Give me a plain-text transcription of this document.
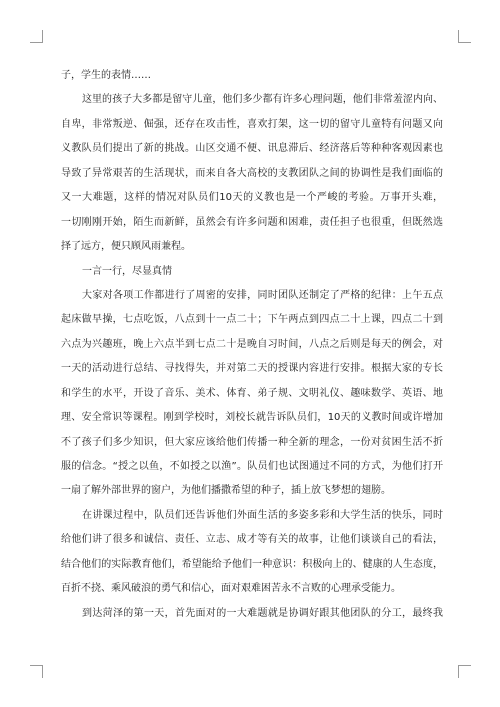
子，学生的表情……
这里的孩子大多都是留守儿童，他们多少都有许多心理问题，他们非常羞涩内向、
自卑，非常叛逆、倔强，还存在攻击性，喜欢打架，这一切的留守儿童特有问题又向
义教队员们提出了新的挑战。山区交通不便、讯息滞后、经济落后等种种客观因素也
导致了异常艰苦的生活现状，而来自各大高校的支教团队之间的协调性是我们面临的
又一大难题，这样的情况对队员们10天的义教也是一个严峻的考验。万事开头难，
一切刚刚开始，陌生而新鲜，虽然会有许多问题和困难，责任担子也很重，但既然选
择了远方，便只顾风雨兼程。
一言一行，尽显真情
大家对各项工作都进行了周密的安排，同时团队还制定了严格的纪律：上午五点
起床做早操，七点吃饭，八点到十一点二十；下午两点到四点二十上课，四点二十到
六点为兴趣班，晚上六点半到七点二十是晚自习时间，八点之后则是每天的例会，对
一天的活动进行总结、寻找得失，并对第二天的授课内容进行安排。根据大家的专长
和学生的水平，开设了音乐、美术、体育、弟子规、文明礼仪、趣味数学、英语、地
理、安全常识等课程。刚到学校时，刘校长就告诉队员们，10天的义教时间或许增加
不了孩子们多少知识，但大家应该给他们传播一种全新的理念，一份对贫困生活不折
服的信念。“授之以鱼，不如授之以渔”。队员们也试图通过不同的方式，为他们打开
一扇了解外部世界的窗户，为他们播撒希望的种子，插上放飞梦想的翅膀。
在讲课过程中，队员们还告诉他们外面生活的多姿多彩和大学生活的快乐，同时
给他们讲了很多和诚信、责任、立志、成才等有关的故事，让他们谈谈自己的看法，
结合他们的实际教育他们，希望能给予他们一种意识：积极向上的、健康的人生态度，
百折不挠、乘风破浪的勇气和信心，面对艰难困苦永不言败的心理承受能力。
到达菏泽的第一天，首先面对的一大难题就是协调好跟其他团队的分工，最终我
